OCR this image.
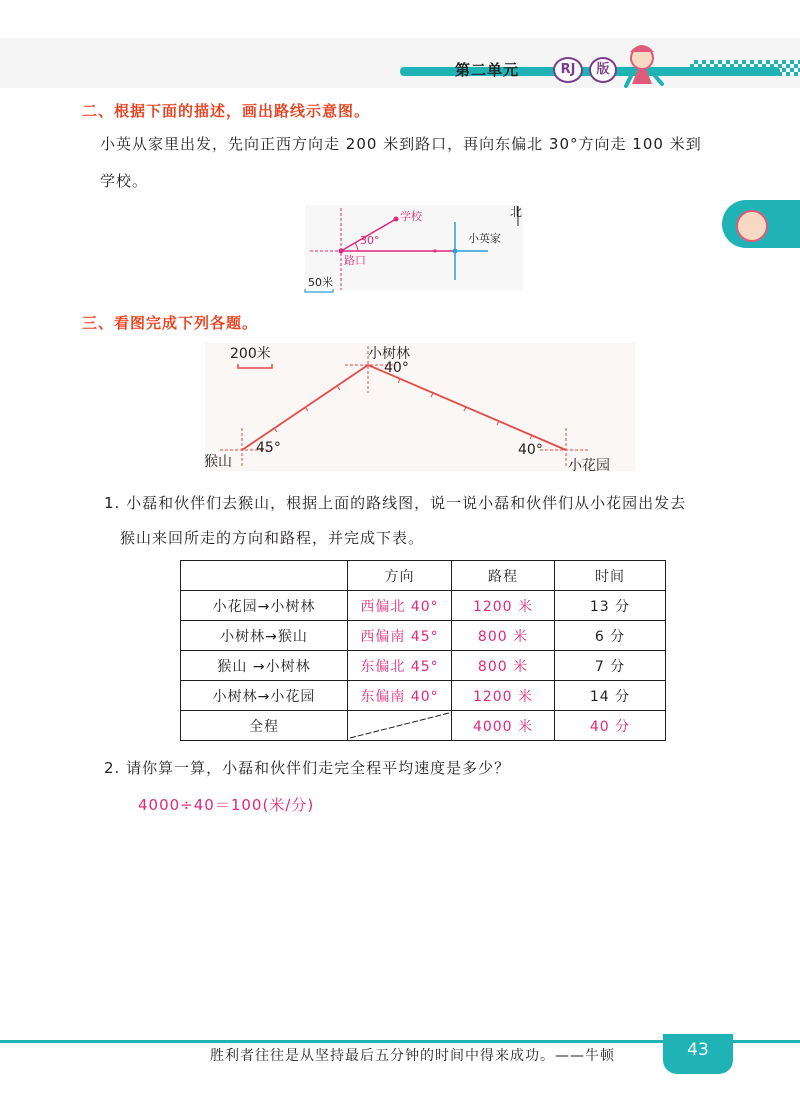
第二单元	RJ	版
二、根据下面的描述，画出路线示意图。
小英从家里出发，先向正西方向走 200 米到路口，再向东偏北 30°方向走 100 米到
学校。
学校
30°
路口
小英家
北
50米
三、看图完成下列各题。
200米
猴山
45°
小树林
40°
小花园
40°
1. 小磊和伙伴们去猴山，根据上面的路线图，说一说小磊和伙伴们从小花园出发去
猴山来回所走的方向和路程，并完成下表。
	方向	路程	时间
小花园→小树林	西偏北 40°	1200 米	13 分
小树林→猴山	西偏南 45°	800 米	6 分
猴山 →小树林	东偏北 45°	800 米	7 分
小树林→小花园	东偏南 40°	1200 米	14 分
全程		4000 米	40 分
2. 请你算一算，小磊和伙伴们走完全程平均速度是多少？
4000÷40＝100(米/分)
43
胜利者往往是从坚持最后五分钟的时间中得来成功。——牛顿
